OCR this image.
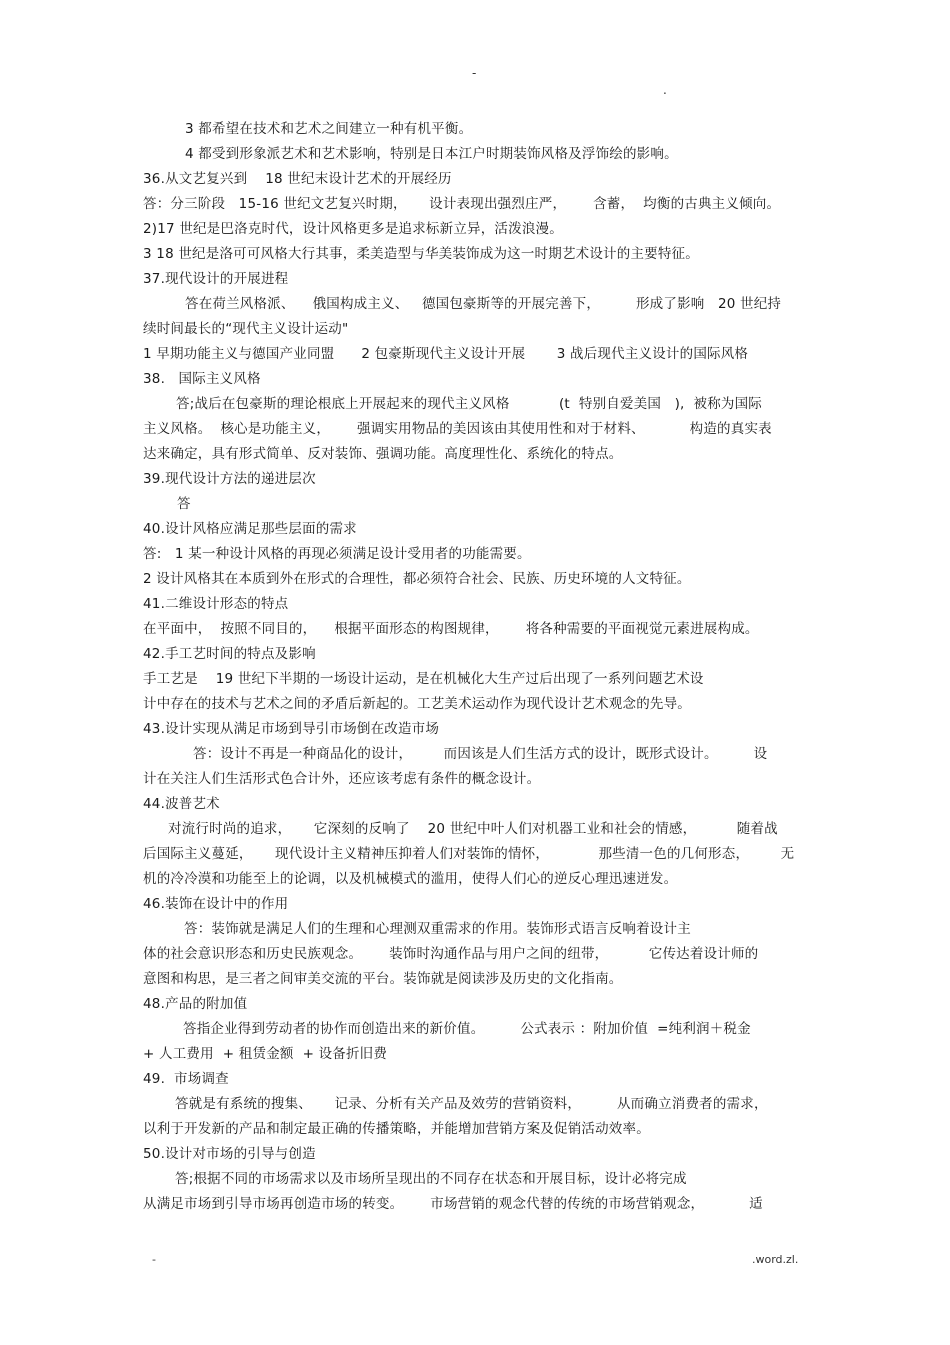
-
.
3 都希望在技术和艺术之间建立一种有机平衡。
4 都受到形象派艺术和艺术影响，特别是日本江户时期装饰风格及浮饰绘的影响。
36.从文艺复兴到    18 世纪末设计艺术的开展经历
答：分三阶段   15-16 世纪文艺复兴时期，     设计表现出强烈庄严，      含蓄，  均衡的古典主义倾向。
2)17 世纪是巴洛克时代，设计风格更多是追求标新立异，活泼浪漫。
3 18 世纪是洛可可风格大行其事，柔美造型与华美装饰成为这一时期艺术设计的主要特征。
37.现代设计的开展进程
答在荷兰风格派、    俄国构成主义、   德国包豪斯等的开展完善下，        形成了影响   20 世纪持
续时间最长的“现代主义设计运动"
1 早期功能主义与德国产业同盟      2 包豪斯现代主义设计开展       3 战后现代主义设计的国际风格
38.   国际主义风格
答;战后在包豪斯的理论根底上开展起来的现代主义风格           (t  特别自爱美国   ),  被称为国际
主义风格。  核心是功能主义，      强调实用物品的美因该由其使用性和对于材料、          构造的真实表
达来确定，具有形式简单、反对装饰、强调功能。高度理性化、系统化的特点。
39.现代设计方法的递进层次
答
40.设计风格应满足那些层面的需求
答:   1 某一种设计风格的再现必须满足设计受用者的功能需要。
2 设计风格其在本质到外在形式的合理性，都必须符合社会、民族、历史环境的人文特征。
41.二维设计形态的特点
在平面中，  按照不同目的，    根据平面形态的构图规律，      将各种需要的平面视觉元素进展构成。
42.手工艺时间的特点及影响
手工艺是    19 世纪下半期的一场设计运动，是在机械化大生产过后出现了一系列问题艺术设
计中存在的技术与艺术之间的矛盾后新起的。工艺美术运动作为现代设计艺术观念的先导。
43.设计实现从满足市场到导引市场倒在改造市场
答：设计不再是一种商品化的设计，       而因该是人们生活方式的设计，既形式设计。        设
计在关注人们生活形式色合计外，还应该考虑有条件的概念设计。
44.波普艺术
对流行时尚的追求，     它深刻的反响了    20 世纪中叶人们对机器工业和社会的情感，         随着战
后国际主义蔓延，     现代设计主义精神压抑着人们对装饰的情怀，           那些清一色的几何形态，       无
机的冷冷漠和功能至上的论调，以及机械模式的滥用，使得人们心的逆反心理迅速迸发。
46.装饰在设计中的作用
答：装饰就是满足人们的生理和心理测双重需求的作用。装饰形式语言反响着设计主
体的社会意识形态和历史民族观念。      装饰时沟通作品与用户之间的纽带，         它传达着设计师的
意图和构思，是三者之间审美交流的平台。装饰就是阅读涉及历史的文化指南。
48.产品的附加值
答指企业得到劳动者的协作而创造出来的新价值。        公式表示 ：附加价值  =纯利润＋税金
+ 人工费用  + 租赁金额  + 设备折旧费
49.  市场调查
答就是有系统的搜集、     记录、分析有关产品及效劳的营销资料，        从而确立消费者的需求，
以利于开发新的产品和制定最正确的传播策略，并能增加营销方案及促销活动效率。
50.设计对市场的引导与创造
答;根据不同的市场需求以及市场所呈现出的不同存在状态和开展目标，设计必将完成
从满足市场到引导市场再创造市场的转变。      市场营销的观念代替的传统的市场营销观念，          适
-	.word.zl.
